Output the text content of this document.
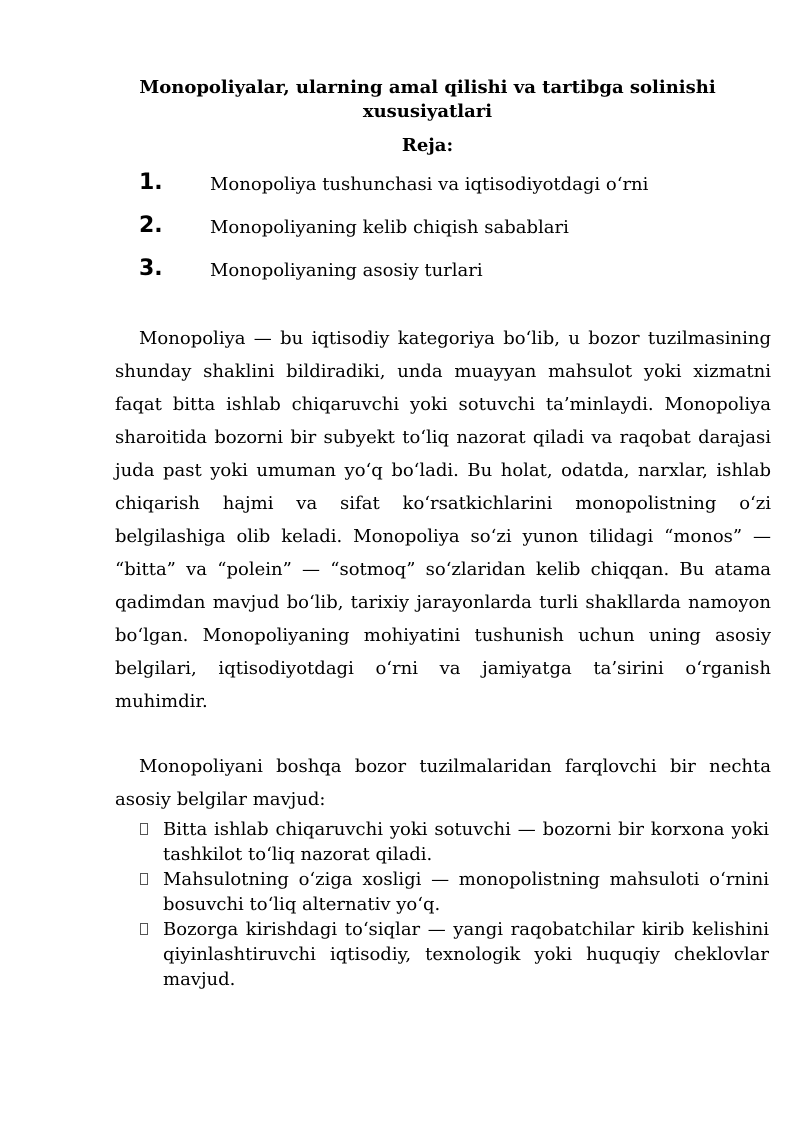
Monopoliyalar, ularning amal qilishi va tartibga solinishi xususiyatlari
Reja:
1.	Monopoliya tushunchasi va iqtisodiyotdagi o‘rni
2.	Monopoliyaning kelib chiqish sabablari
3.	Monopoliyaning asosiy turlari

Monopoliya — bu iqtisodiy kategoriya bo‘lib, u bozor tuzilmasining shunday shaklini bildiradiki, unda muayyan mahsulot yoki xizmatni faqat bitta ishlab chiqaruvchi yoki sotuvchi ta’minlaydi. Monopoliya sharoitida bozorni bir subyekt to‘liq nazorat qiladi va raqobat darajasi juda past yoki umuman yo‘q bo‘ladi. Bu holat, odatda, narxlar, ishlab chiqarish hajmi va sifat ko‘rsatkichlarini monopolistning o‘zi belgilashiga olib keladi. Monopoliya so‘zi yunon tilidagi “monos” — “bitta” va “polein” — “sotmoq” so‘zlaridan kelib chiqqan. Bu atama qadimdan mavjud bo‘lib, tarixiy jarayonlarda turli shakllarda namoyon bo‘lgan. Monopoliyaning mohiyatini tushunish uchun uning asosiy belgilari, iqtisodiyotdagi o‘rni va jamiyatga ta’sirini o‘rganish muhimdir.

Monopoliyani boshqa bozor tuzilmalaridan farqlovchi bir nechta asosiy belgilar mavjud:

Bitta ishlab chiqaruvchi yoki sotuvchi — bozorni bir korxona yoki tashkilot to‘liq nazorat qiladi.
Mahsulotning o‘ziga xosligi — monopolistning mahsuloti o‘rnini bosuvchi to‘liq alternativ yo‘q.
Bozorga kirishdagi to‘siqlar — yangi raqobatchilar kirib kelishini qiyinlashtiruvchi iqtisodiy, texnologik yoki huquqiy cheklovlar mavjud.
